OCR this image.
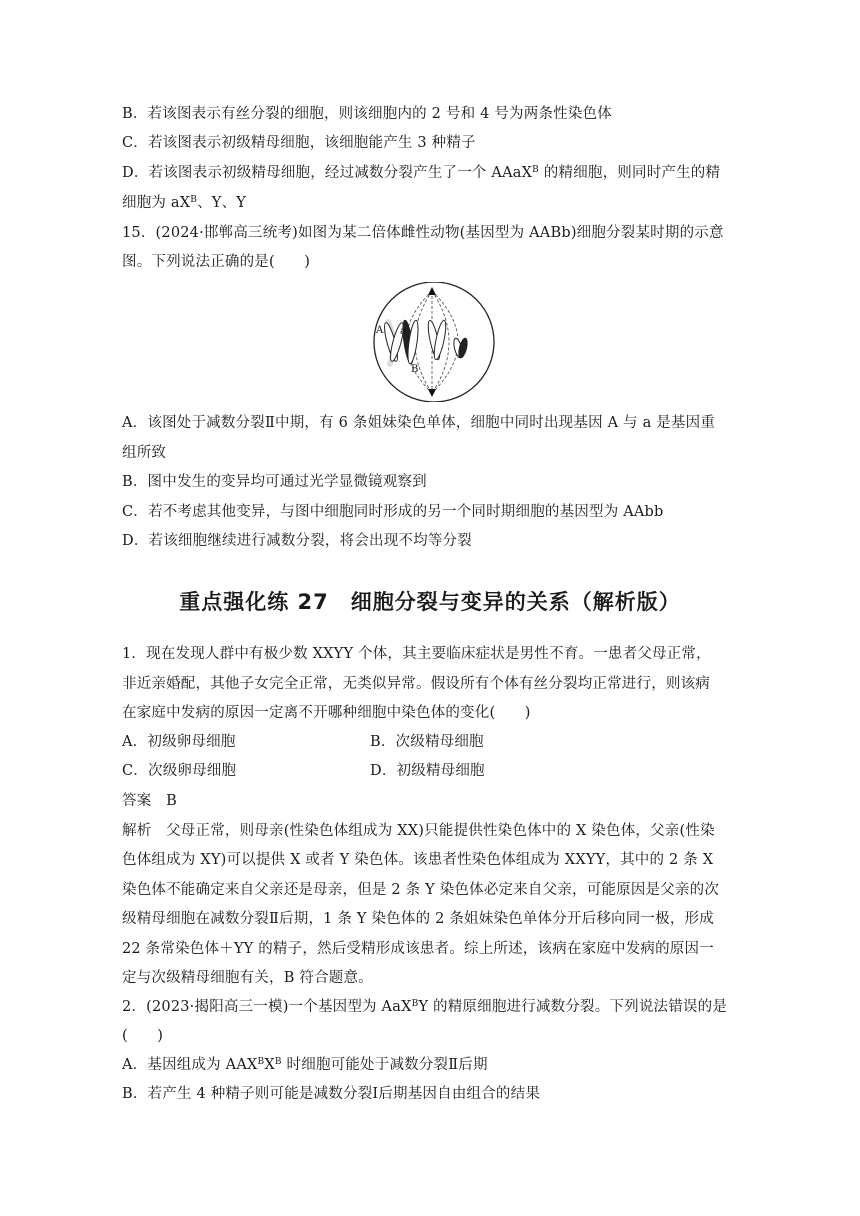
B．若该图表示有丝分裂的细胞，则该细胞内的 2 号和 4 号为两条性染色体
C．若该图表示初级精母细胞，该细胞能产生 3 种精子
D．若该图表示初级精母细胞，经过减数分裂产生了一个 AAaX$^B$ 的精细胞，则同时产生的精
细胞为 $aX^B$、Y、Y
15．(2024·邯郸高三统考)如图为某二倍体雌性动物(基因型为 AABb)细胞分裂某时期的示意
图。下列说法正确的是(　　)
A a
B
A．该图处于减数分裂Ⅱ中期，有 6 条姐妹染色单体，细胞中同时出现基因 A 与 a 是基因重
组所致
B．图中发生的变异均可通过光学显微镜观察到
C．若不考虑其他变异，与图中细胞同时形成的另一个同时期细胞的基因型为 AAbb
D．若该细胞继续进行减数分裂，将会出现不均等分裂
重点强化练 27　细胞分裂与变异的关系（解析版）
1．现在发现人群中有极少数 XXYY 个体，其主要临床症状是男性不育。一患者父母正常，
非近亲婚配，其他子女完全正常，无类似异常。假设所有个体有丝分裂均正常进行，则该病
在家庭中发病的原因一定离不开哪种细胞中染色体的变化(　　)
A．初级卵母细胞	B．次级精母细胞
C．次级卵母细胞	D．初级精母细胞
答案　B
解析　父母正常，则母亲(性染色体组成为 XX)只能提供性染色体中的 X 染色体，父亲(性染
色体组成为 XY)可以提供 X 或者 Y 染色体。该患者性染色体组成为 XXYY，其中的 2 条 X
染色体不能确定来自父亲还是母亲，但是 2 条 Y 染色体必定来自父亲，可能原因是父亲的次
级精母细胞在减数分裂Ⅱ后期，1 条 Y 染色体的 2 条姐妹染色单体分开后移向同一极，形成
22 条常染色体＋YY 的精子，然后受精形成该患者。综上所述，该病在家庭中发病的原因一
定与次级精母细胞有关，B 符合题意。
2．(2023·揭阳高三一模)一个基因型为 AaX$^B$Y 的精原细胞进行减数分裂。下列说法错误的是
(　　)
A．基因组成为 $AAX^BX^B$ 时细胞可能处于减数分裂Ⅱ后期
B．若产生 4 种精子则可能是减数分裂Ⅰ后期基因自由组合的结果
